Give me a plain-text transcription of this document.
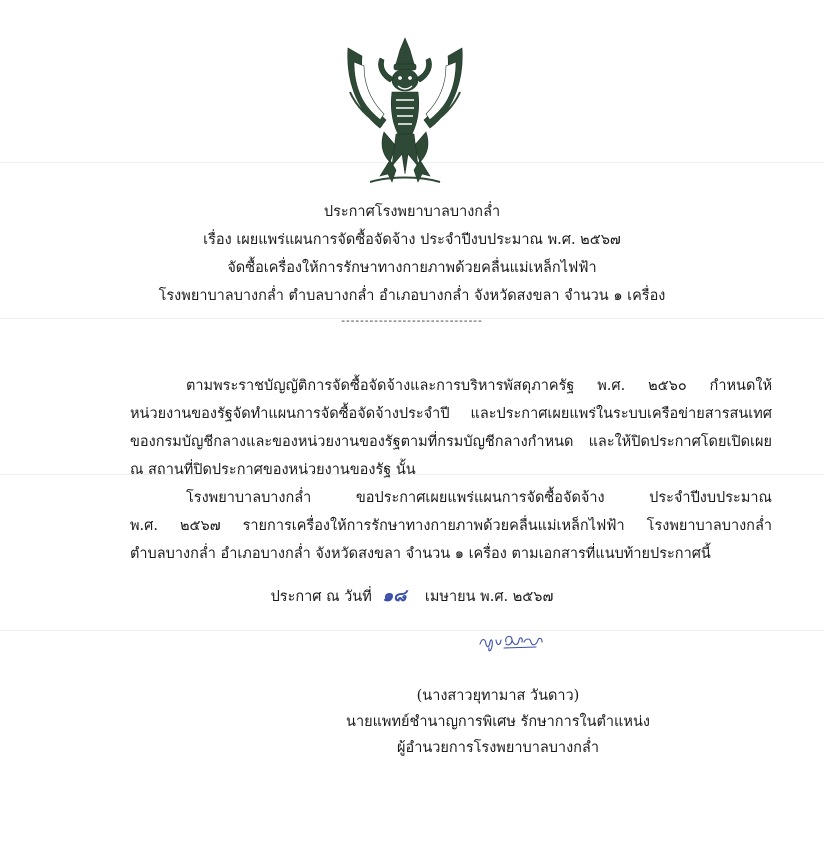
ประกาศโรงพยาบาลบางกล่ำ
เรื่อง เผยแพร่แผนการจัดซื้อจัดจ้าง ประจำปีงบประมาณ พ.ศ. ๒๕๖๗
จัดซื้อเครื่องให้การรักษาทางกายภาพด้วยคลื่นแม่เหล็กไฟฟ้า
โรงพยาบาลบางกล่ำ ตำบลบางกล่ำ อำเภอบางกล่ำ จังหวัดสงขลา จำนวน ๑ เครื่อง
------------------------------
ตามพระราชบัญญัติการจัดซื้อจัดจ้างและการบริหารพัสดุภาครัฐ พ.ศ. ๒๕๖๐ กำหนดให้
หน่วยงานของรัฐจัดทำแผนการจัดซื้อจัดจ้างประจำปี และประกาศเผยแพร่ในระบบเครือข่ายสารสนเทศ
ของกรมบัญชีกลางและของหน่วยงานของรัฐตามที่กรมบัญชีกลางกำหนด และให้ปิดประกาศโดยเปิดเผย
ณ สถานที่ปิดประกาศของหน่วยงานของรัฐ นั้น
โรงพยาบาลบางกล่ำ ขอประกาศเผยแพร่แผนการจัดซื้อจัดจ้าง ประจำปีงบประมาณ
พ.ศ. ๒๕๖๗ รายการเครื่องให้การรักษาทางกายภาพด้วยคลื่นแม่เหล็กไฟฟ้า โรงพยาบาลบางกล่ำ
ตำบลบางกล่ำ อำเภอบางกล่ำ จังหวัดสงขลา จำนวน ๑ เครื่อง ตามเอกสารที่แนบท้ายประกาศนี้
ประกาศ ณ วันที่ ๑๘ เมษายน พ.ศ. ๒๕๖๗
(นางสาวยุทามาส วันดาว)
นายแพทย์ชำนาญการพิเศษ รักษาการในตำแหน่ง
ผู้อำนวยการโรงพยาบาลบางกล่ำ
